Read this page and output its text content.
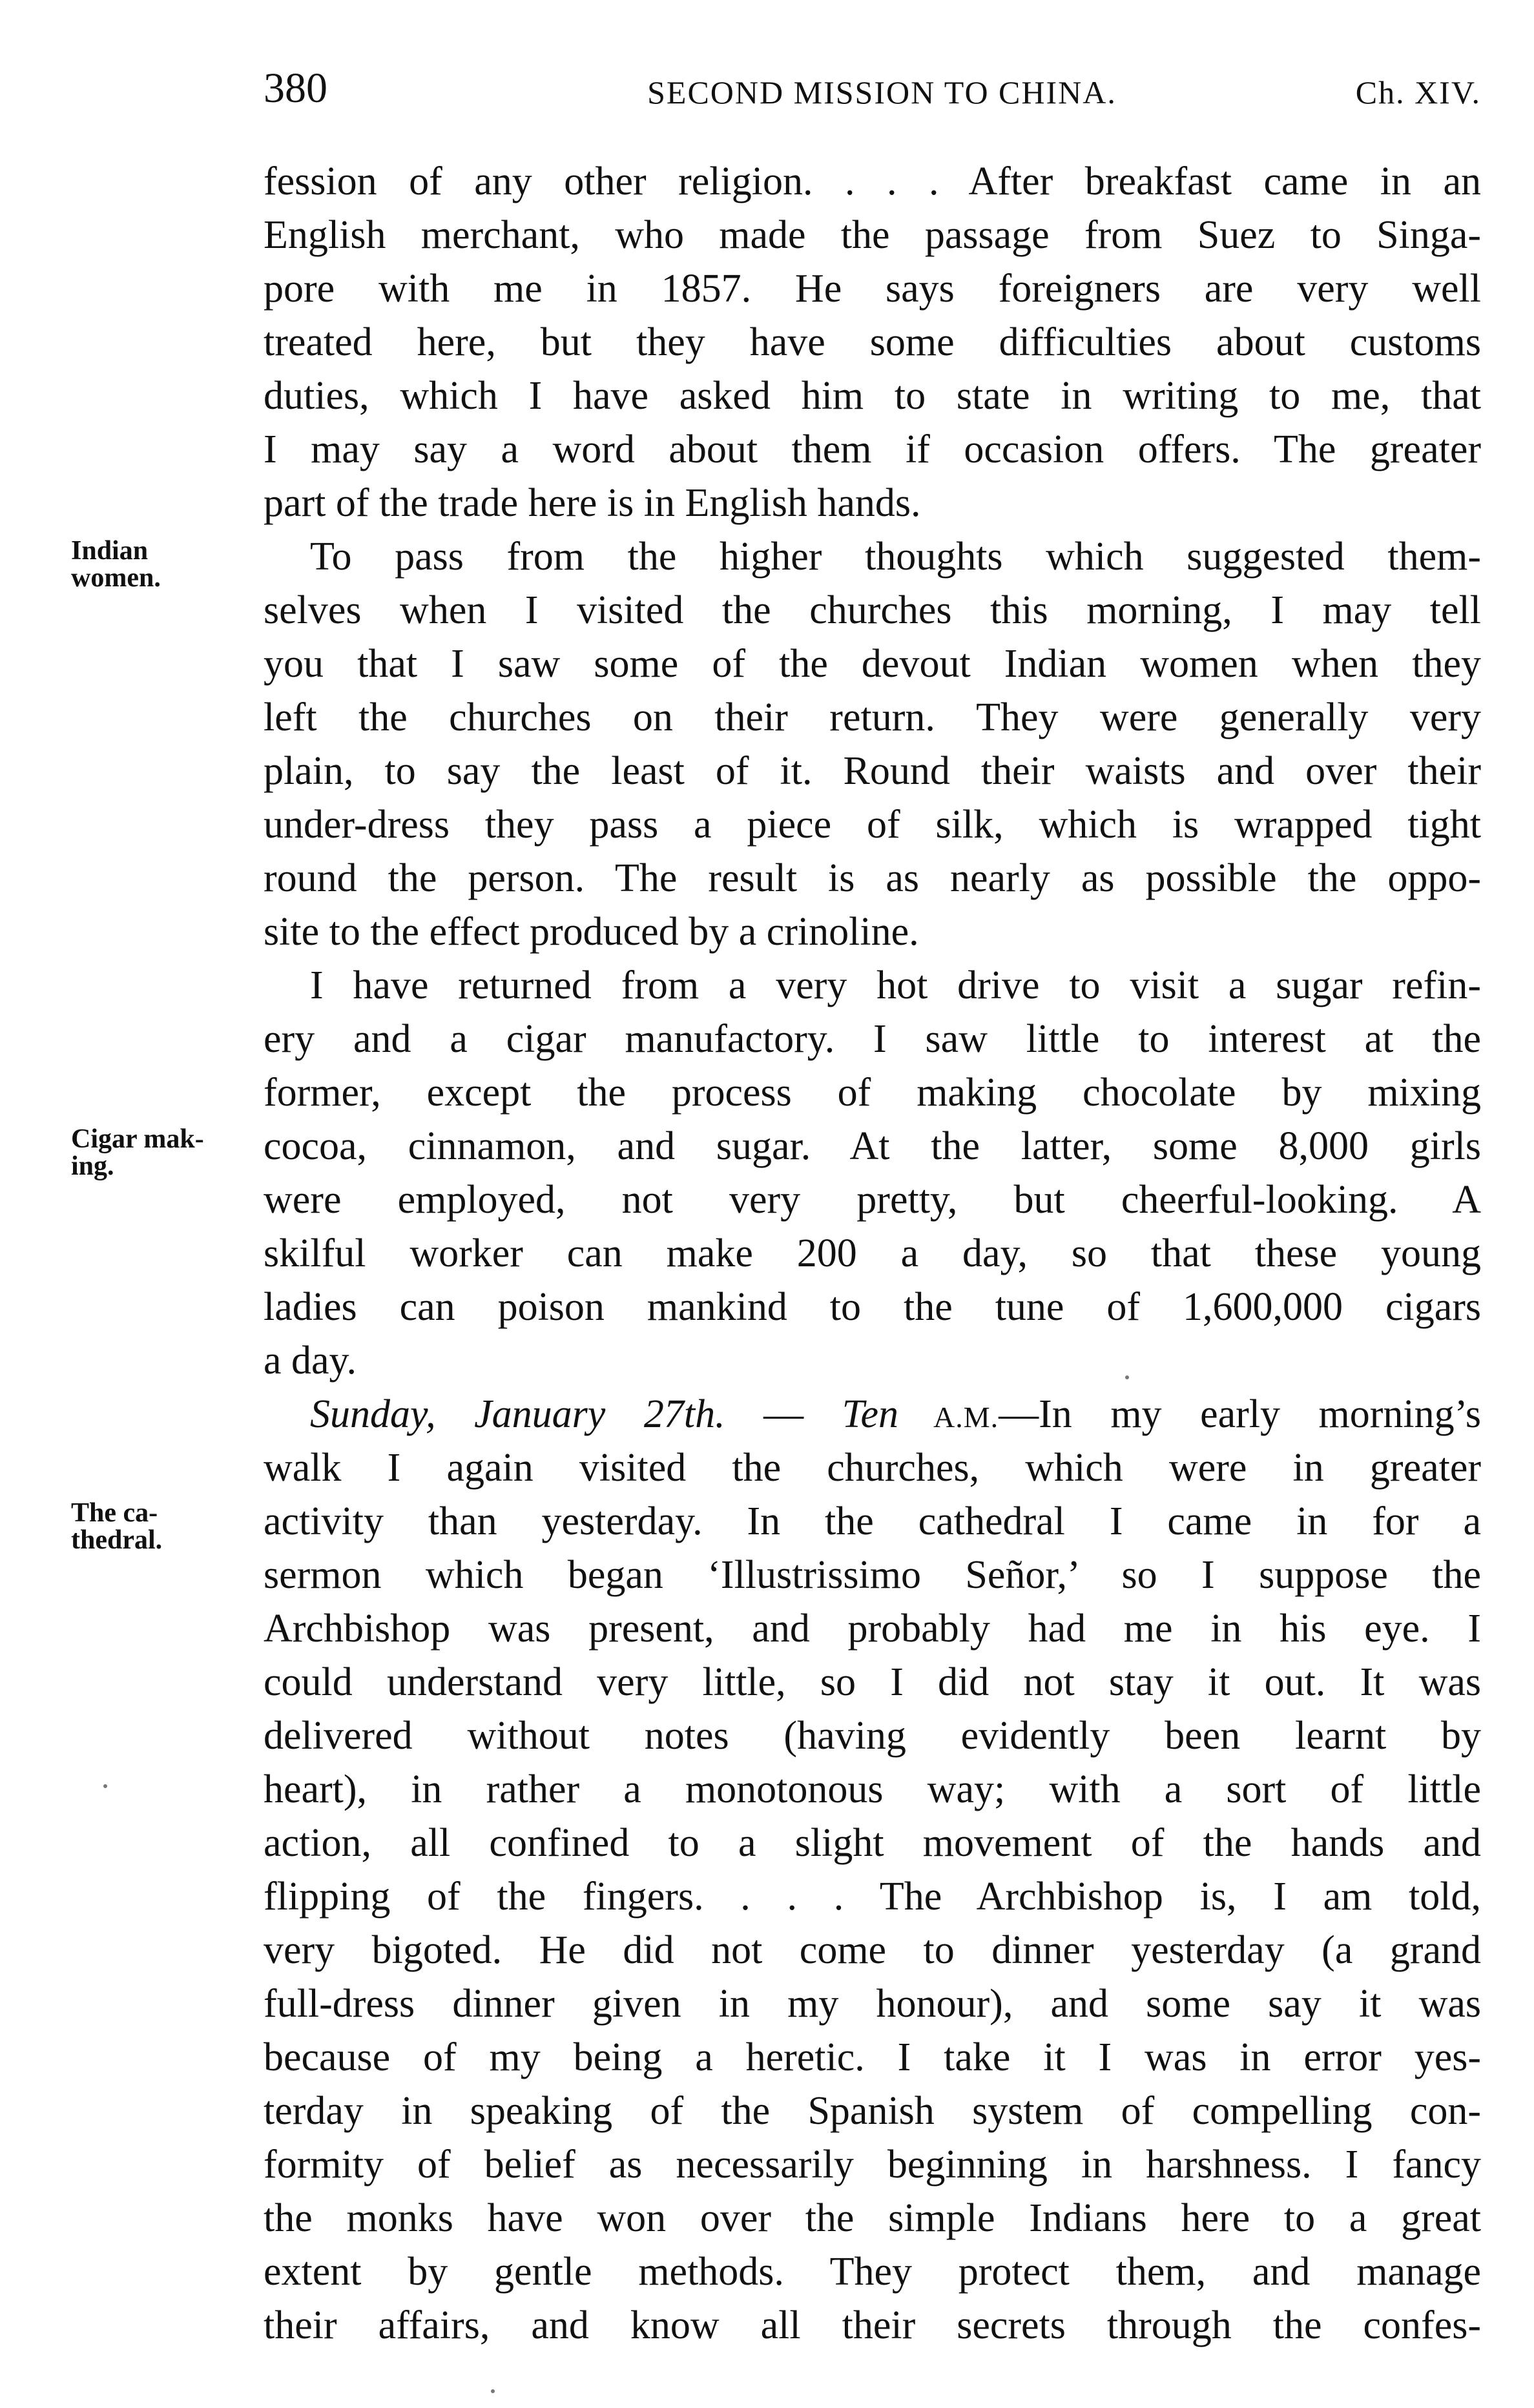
380	SECOND MISSION TO CHINA.	Ch. XIV.
Indian
women.
Cigar mak-
ing.
The ca-
thedral.
fession of any other religion. . . . After breakfast came in an
English merchant, who made the passage from Suez to Singa-
pore with me in 1857. He says foreigners are very well
treated here, but they have some difficulties about customs
duties, which I have asked him to state in writing to me, that
I may say a word about them if occasion offers. The greater
part of the trade here is in English hands.
To pass from the higher thoughts which suggested them-
selves when I visited the churches this morning, I may tell
you that I saw some of the devout Indian women when they
left the churches on their return. They were generally very
plain, to say the least of it. Round their waists and over their
under-dress they pass a piece of silk, which is wrapped tight
round the person. The result is as nearly as possible the oppo-
site to the effect produced by a crinoline.
I have returned from a very hot drive to visit a sugar refin-
ery and a cigar manufactory. I saw little to interest at the
former, except the process of making chocolate by mixing
cocoa, cinnamon, and sugar. At the latter, some 8,000 girls
were employed, not very pretty, but cheerful-looking. A
skilful worker can make 200 a day, so that these young
ladies can poison mankind to the tune of 1,600,000 cigars
a day.
Sunday, January 27th. — Ten A.M.—In my early morning’s
walk I again visited the churches, which were in greater
activity than yesterday. In the cathedral I came in for a
sermon which began ‘Illustrissimo Señor,’ so I suppose the
Archbishop was present, and probably had me in his eye. I
could understand very little, so I did not stay it out. It was
delivered without notes (having evidently been learnt by
heart), in rather a monotonous way; with a sort of little
action, all confined to a slight movement of the hands and
flipping of the fingers. . . . The Archbishop is, I am told,
very bigoted. He did not come to dinner yesterday (a grand
full-dress dinner given in my honour), and some say it was
because of my being a heretic. I take it I was in error yes-
terday in speaking of the Spanish system of compelling con-
formity of belief as necessarily beginning in harshness. I fancy
the monks have won over the simple Indians here to a great
extent by gentle methods. They protect them, and manage
their affairs, and know all their secrets through the confes-
